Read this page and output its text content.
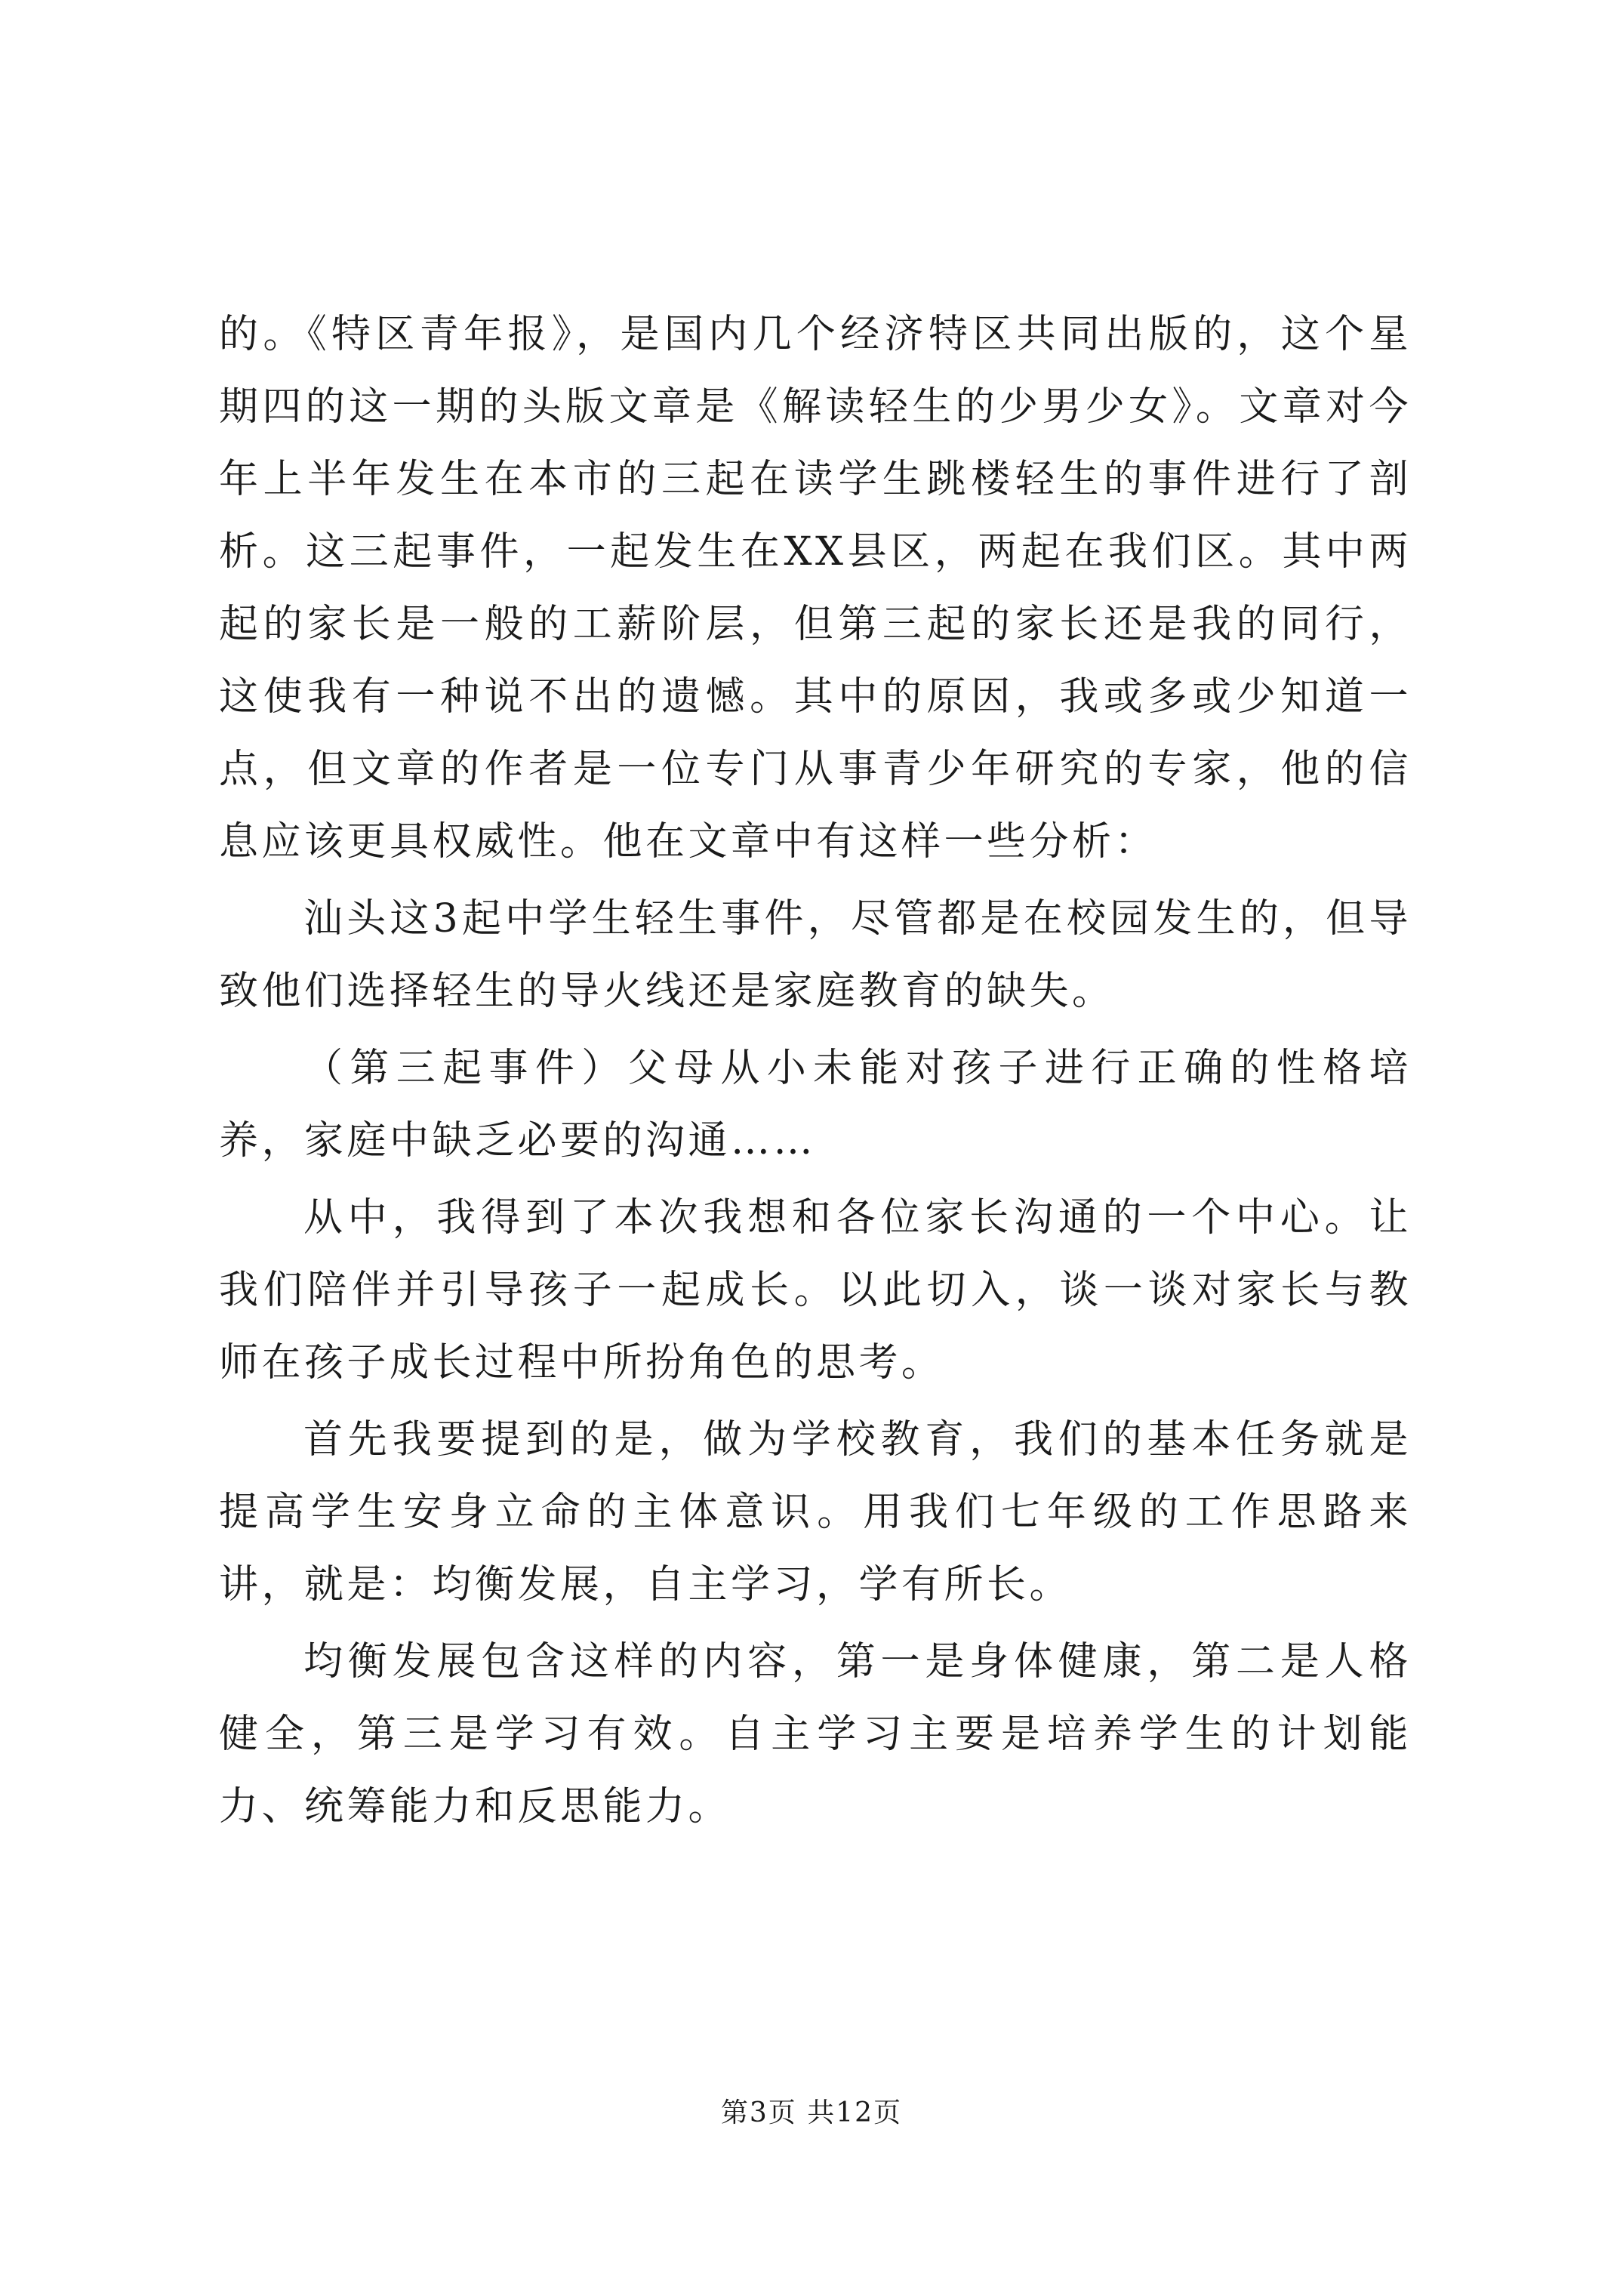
的。《特区青年报》，是国内几个经济特区共同出版的，这个星期四的这一期的头版文章是《解读轻生的少男少女》。文章对今年上半年发生在本市的三起在读学生跳楼轻生的事件进行了剖析。这三起事件，一起发生在XX县区，两起在我们区。其中两起的家长是一般的工薪阶层，但第三起的家长还是我的同行，这使我有一种说不出的遗憾。其中的原因，我或多或少知道一点，但文章的作者是一位专门从事青少年研究的专家，他的信息应该更具权威性。他在文章中有这样一些分析：

汕头这3起中学生轻生事件，尽管都是在校园发生的，但导致他们选择轻生的导火线还是家庭教育的缺失。

（第三起事件）父母从小未能对孩子进行正确的性格培养，家庭中缺乏必要的沟通……

从中，我得到了本次我想和各位家长沟通的一个中心。让我们陪伴并引导孩子一起成长。以此切入，谈一谈对家长与教师在孩子成长过程中所扮角色的思考。

首先我要提到的是，做为学校教育，我们的基本任务就是提高学生安身立命的主体意识。用我们七年级的工作思路来讲，就是：均衡发展，自主学习，学有所长。

均衡发展包含这样的内容，第一是身体健康，第二是人格健全，第三是学习有效。自主学习主要是培养学生的计划能力、统筹能力和反思能力。

第3页 共12页
